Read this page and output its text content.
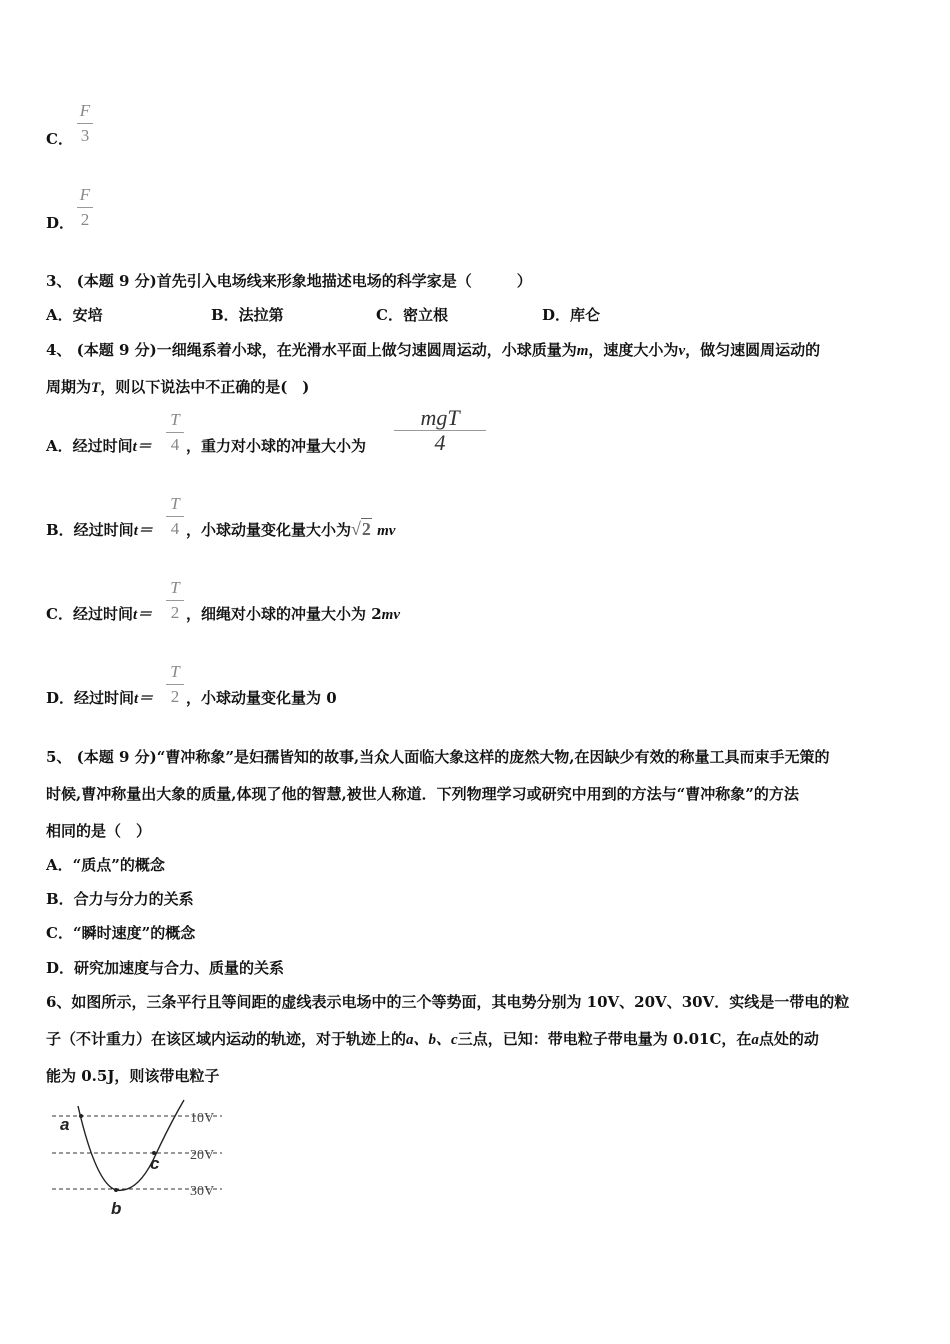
C．
F
3
D．
F
2
3、 (本题 9 分)首先引入电场线来形象地描述电场的科学家是（　　　）
A．安培	B．法拉第	C．密立根	D．库仑
4、 (本题 9 分)一细绳系着小球，在光滑水平面上做匀速圆周运动，小球质量为m，速度大小为v，做匀速圆周运动的
周期为T，则以下说法中不正确的是(　)
A．经过时间t＝
T
4 ，重力对小球的冲量大小为
mgT
4
B．经过时间t＝
T
4 ，小球动量变化量大小为√2 mv
C．经过时间t＝
T
2 ，细绳对小球的冲量大小为 2mv
D．经过时间t＝
T
2 ，小球动量变化量为 0
5、 (本题 9 分)“曹冲称象”是妇孺皆知的故事,当众人面临大象这样的庞然大物,在因缺少有效的称量工具而束手无策的
时候,曹冲称量出大象的质量,体现了他的智慧,被世人称道．下列物理学习或研究中用到的方法与“曹冲称象”的方法
相同的是（　）
A．“质点”的概念
B．合力与分力的关系
C．“瞬时速度”的概念
D．研究加速度与合力、质量的关系
6、如图所示，三条平行且等间距的虚线表示电场中的三个等势面，其电势分别为 10V、20V、30V．实线是一带电的粒
子（不计重力）在该区域内运动的轨迹，对于轨迹上的a、b、c三点，已知：带电粒子带电量为 0.01C，在a点处的动
能为 0.5J，则该带电粒子
a
b
c
10V
20V
30V
